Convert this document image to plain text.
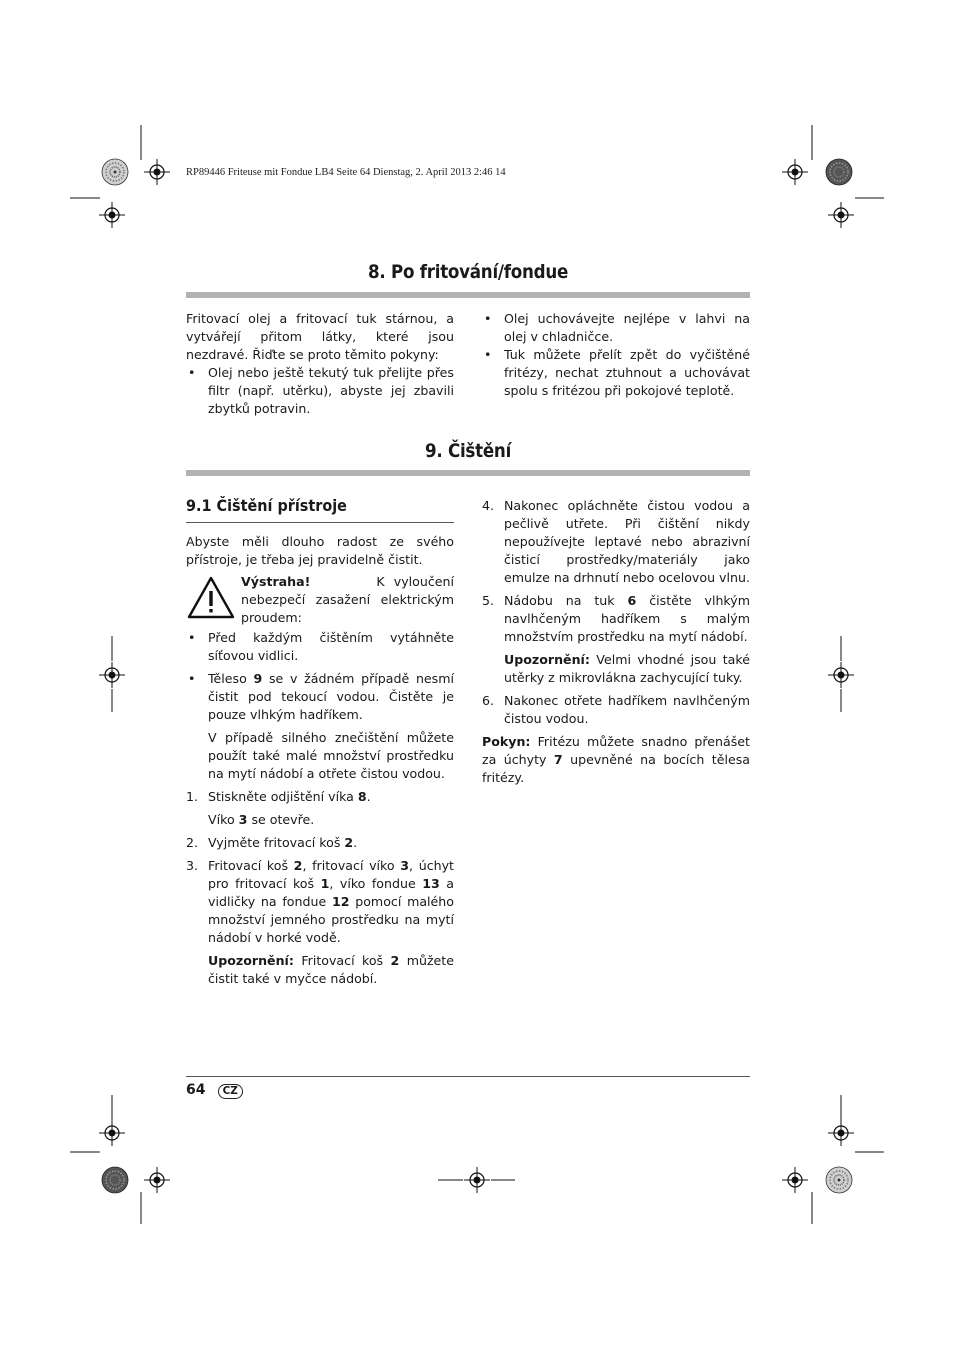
RP89446 Friteuse mit Fondue LB4 Seite 64 Dienstag, 2. April 2013 2:46 14
8. Po fritování/fondue

Fritovací olej a fritovací tuk stárnou, a vytvářejí přitom látky, které jsou nezdravé. Řiďte se proto těmito pokyny:

• Olej nebo ještě tekutý tuk přelijte přes filtr (např. utěrku), abyste jej zbavili zbytků potravin.
• Olej uchovávejte nejlépe v lahvi na olej v chladničce.
• Tuk můžete přelít zpět do vyčištěné fritézy, nechat ztuhnout a uchovávat spolu s fritézou při pokojové teplotě.
9. Čištění
9.1 Čištění přístroje

Abyste měli dlouho radost ze svého přístroje, je třeba jej pravidelně čistit.

Výstraha!	K vyloučení nebezpečí zasažení elektrickým proudem:

• Před každým čištěním vytáhněte síťovou vidlici.
• Těleso 9 se v žádném případě nesmí čistit pod tekoucí vodou. Čistěte je pouze vlhkým hadříkem.

V případě silného znečištění můžete použít také malé množství prostředku na mytí nádobí a otřete čistou vodou.

1. Stiskněte odjištění víka 8.

Víko 3 se otevře.

2. Vyjměte fritovací koš 2.
3. Fritovací koš 2, fritovací víko 3, úchyt pro fritovací koš 1, víko fondue 13 a vidličky na fondue 12 pomocí malého množství jemného prostředku na mytí nádobí v horké vodě.

Upozornění: Fritovací koš 2 můžete čistit také v myčce nádobí.

4. Nakonec opláchněte čistou vodou a pečlivě utřete. Při čištění nikdy nepoužívejte leptavé nebo abrazivní čisticí prostředky/materiály jako emulze na drhnutí nebo ocelovou vlnu.
5. Nádobu na tuk 6 čistěte vlhkým navlhčeným hadříkem s malým množstvím prostředku na mytí nádobí.

Upozornění: Velmi vhodné jsou také utěrky z mikrovlákna zachycující tuky.

6. Nakonec otřete hadříkem navlhčeným čistou vodou.

Pokyn: Fritézu můžete snadno přenášet za úchyty 7 upevněné na bocích tělesa fritézy.

64 CZ
